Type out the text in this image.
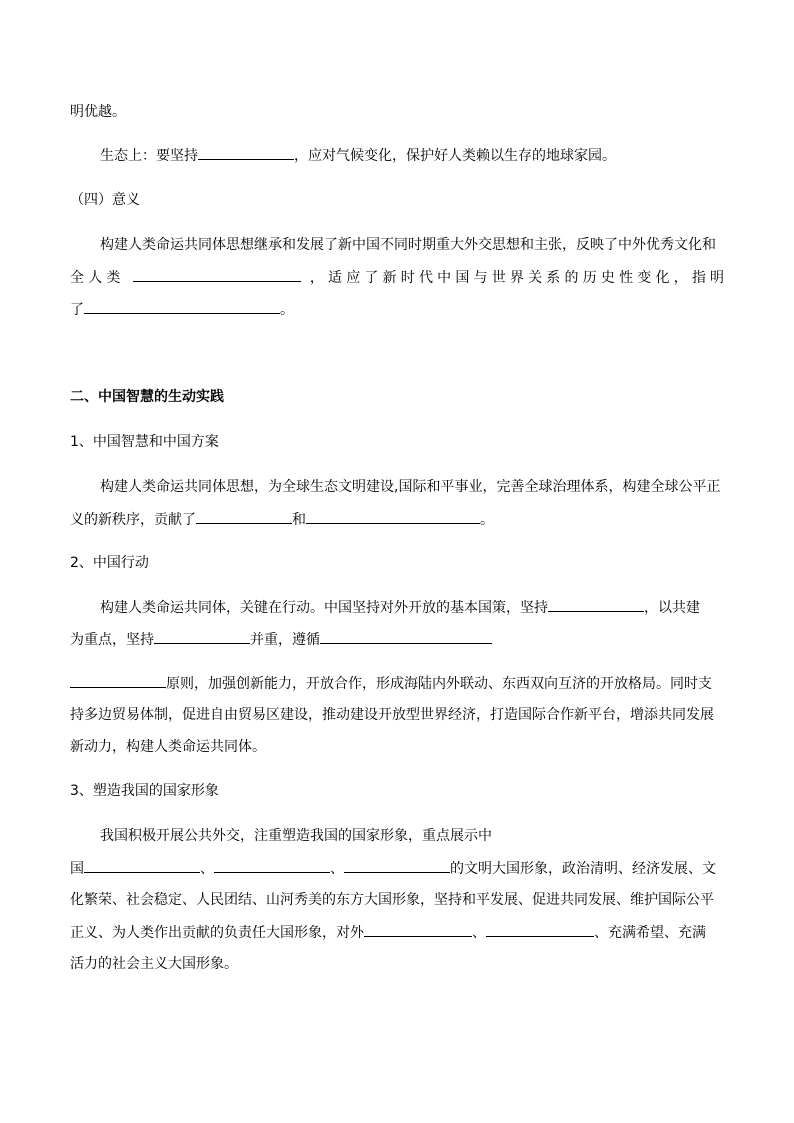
明优越。
生态上：要坚持	，应对气候变化，保护好人类赖以生存的地球家园。
（四）意义
构建人类命运共同体思想继承和发展了新中国不同时期重大外交思想和主张，反映了中外优秀文化和
全人类	，适应了新时代中国与世界关系的历史性变化，指明
了	。
二、中国智慧的生动实践
1、中国智慧和中国方案
构建人类命运共同体思想，为全球生态文明建设,国际和平事业，完善全球治理体系，构建全球公平正
义的新秩序，贡献了	和	。
2、中国行动
构建人类命运共同体，关键在行动。中国坚持对外开放的基本国策，坚持	，以共建
为重点，坚持	并重，遵循
原则，加强创新能力，开放合作，形成海陆内外联动、东西双向互济的开放格局。同时支
持多边贸易体制，促进自由贸易区建设，推动建设开放型世界经济，打造国际合作新平台，增添共同发展
新动力，构建人类命运共同体。
3、塑造我国的国家形象
我国积极开展公共外交，注重塑造我国的国家形象，重点展示中
国	、	、	的文明大国形象，政治清明、经济发展、文
化繁荣、社会稳定、人民团结、山河秀美的东方大国形象，坚持和平发展、促进共同发展、维护国际公平
正义、为人类作出贡献的负责任大国形象，对外	、	、充满希望、充满
活力的社会主义大国形象。
